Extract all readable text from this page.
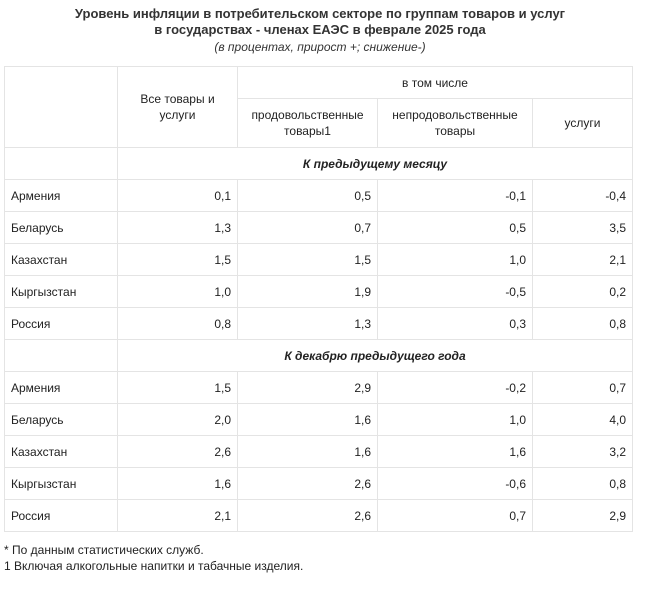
Уровень инфляции в потребительском секторе по группам товаров и услуг
в государствах - членах ЕАЭС в феврале 2025 года
(в процентах, прирост +; снижение-)
	Все товары и услуги	в том числе		
		продовольственные товары1	непродовольственные товары	услуги
	К предыдущему месяцу			
Армения	0,1	0,5	-0,1	-0,4
Беларусь	1,3	0,7	0,5	3,5
Казахстан	1,5	1,5	1,0	2,1
Кыргызстан	1,0	1,9	-0,5	0,2
Россия	0,8	1,3	0,3	0,8
	К декабрю предыдущего года			
Армения	1,5	2,9	-0,2	0,7
Беларусь	2,0	1,6	1,0	4,0
Казахстан	2,6	1,6	1,6	3,2
Кыргызстан	1,6	2,6	-0,6	0,8
Россия	2,1	2,6	0,7	2,9
* По данным статистических служб.
1 Включая алкогольные напитки и табачные изделия.
